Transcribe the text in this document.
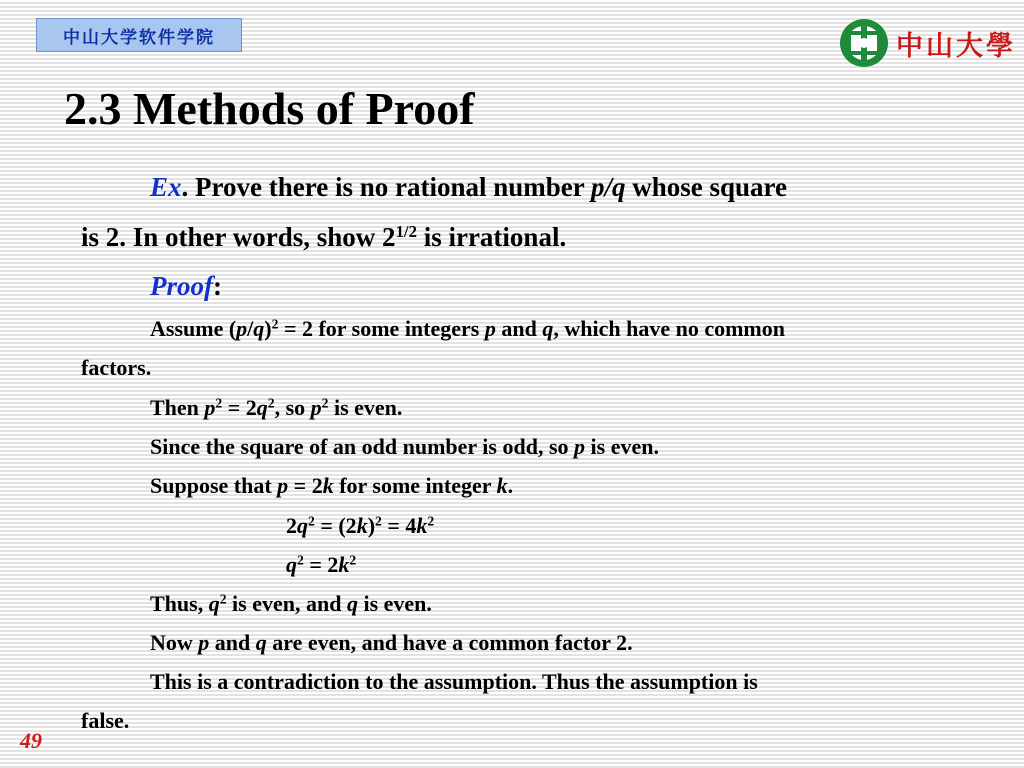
中山大学软件学院	中山大學
2.3 Methods of Proof
Ex. Prove there is no rational number p/q whose square
is 2. In other words, show $2^{1/2}$ is irrational.
Proof:
Assume $(p/q)^2 = 2$ for some integers p and q, which have no common
factors.
Then $p^2 = 2q^2$, so $p^2$ is even.
Since the square of an odd number is odd, so p is even.
Suppose that p = 2k for some integer k.
$2q^2 = (2k)^2 = 4k^2$
$q^2 = 2k^2$
Thus, $q^2$ is even, and q is even.
Now p and q are even, and have a common factor 2.
This is a contradiction to the assumption. Thus the assumption is
false.
49
